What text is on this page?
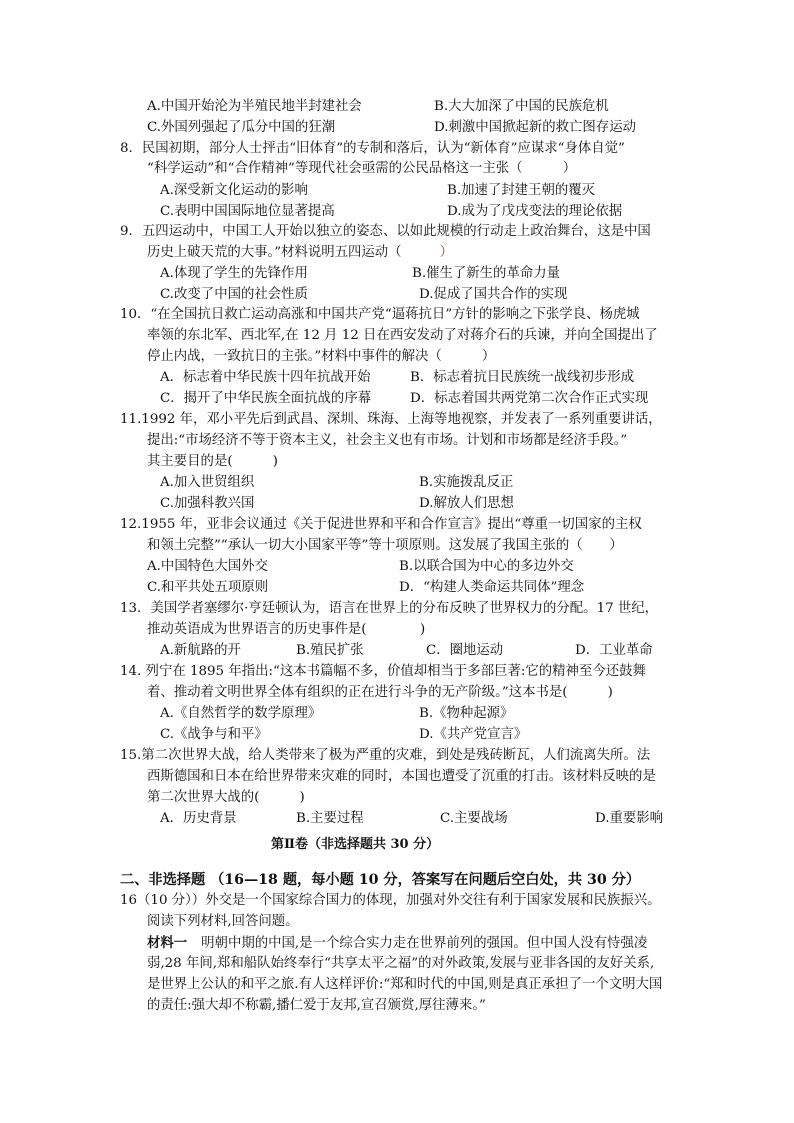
A.中国开始沦为半殖民地半封建社会	B.大大加深了中国的民族危机
C.外国列强起了瓜分中国的狂潮	D.刺激中国掀起新的救亡图存运动
8．民国初期，部分人士抨击“旧体育”的专制和落后，认为“新体育”应谋求“身体自觉”
“科学运动”和“合作精神”等现代社会亟需的公民品格这一主张（　　　）
A.深受新文化运动的影响	B.加速了封建王朝的覆灭
C.表明中国国际地位显著提高	D.成为了戊戌变法的理论依据
9．五四运动中，中国工人开始以独立的姿态、以如此规模的行动走上政治舞台，这是中国
历史上破天荒的大事。”材料说明五四运动（	）
A.体现了学生的先锋作用	B.催生了新生的革命力量
C.改变了中国的社会性质	D.促成了国共合作的实现
10．“在全国抗日救亡运动高涨和中国共产党“逼蒋抗日”方针的影响之下张学良、杨虎城
率领的东北军、西北军,在 12 月 12 日在西安发动了对蒋介石的兵谏，并向全国提出了
停止内战，一致抗日的主张。”材料中事件的解决（　　　）
A．标志着中华民族十四年抗战开始	B．标志着抗日民族统一战线初步形成
C．揭开了中华民族全面抗战的序幕	D．标志着国共两党第二次合作正式实现
11.1992 年，邓小平先后到武昌、深圳、珠海、上海等地视察，并发表了一系列重要讲话，
提出:“市场经济不等于资本主义，社会主义也有市场。计划和市场都是经济手段。”
其主要目的是(　　　)
A.加入世贸组织	B.实施拨乱反正
C.加强科教兴国	D.解放人们思想
12.1955 年，亚非会议通过《关于促进世界和平和合作宣言》提出“尊重一切国家的主权
和领土完整”“承认一切大小国家平等”等十项原则。这发展了我国主张的（　　）
A.中国特色大国外交	B.以联合国为中心的多边外交
C.和平共处五项原则	D．“构建人类命运共同体”理念
13．美国学者塞缪尔·亨廷顿认为，语言在世界上的分布反映了世界权力的分配。17 世纪，
推动英语成为世界语言的历史事件是(　　　　)
A.新航路的开	B.殖民扩张	C．圈地运动	D．工业革命
14. 列宁在 1895 年指出:“这本书篇幅不多，价值却相当于多部巨著:它的精神至今还鼓舞
着、推动着文明世界全体有组织的正在进行斗争的无产阶级。”这本书是(　　　)
A.《自然哲学的数学原理》	B.《物种起源》
C.《战争与和平》	D.《共产党宣言》
15.第二次世界大战，给人类带来了极为严重的灾难，到处是残砖断瓦，人们流离失所。法
西斯德国和日本在给世界带来灾难的同时，本国也遭受了沉重的打击。该材料反映的是
第二次世界大战的(　　　)
A．历史背景	B.主要过程	C.主要战场	D.重要影响
第Ⅱ卷（非选择题共 30 分）
二、非选择题 （16—18 题，每小题 10 分，答案写在问题后空白处，共 30 分）
16（10 分））外交是一个国家综合国力的体现，加强对外交往有利于国家发展和民族振兴。
阅读下列材料,回答问题。
材料一 明朝中期的中国,是一个综合实力走在世界前列的强国。但中国人没有恃强凌
弱,28 年间,郑和船队始终奉行“共享太平之福”的对外政策,发展与亚非各国的友好关系,
是世界上公认的和平之旅.有人这样评价:“郑和时代的中国,则是真正承担了一个文明大国
的责任:强大却不称霸,播仁爱于友邦,宣召颁赏,厚往薄来。”
